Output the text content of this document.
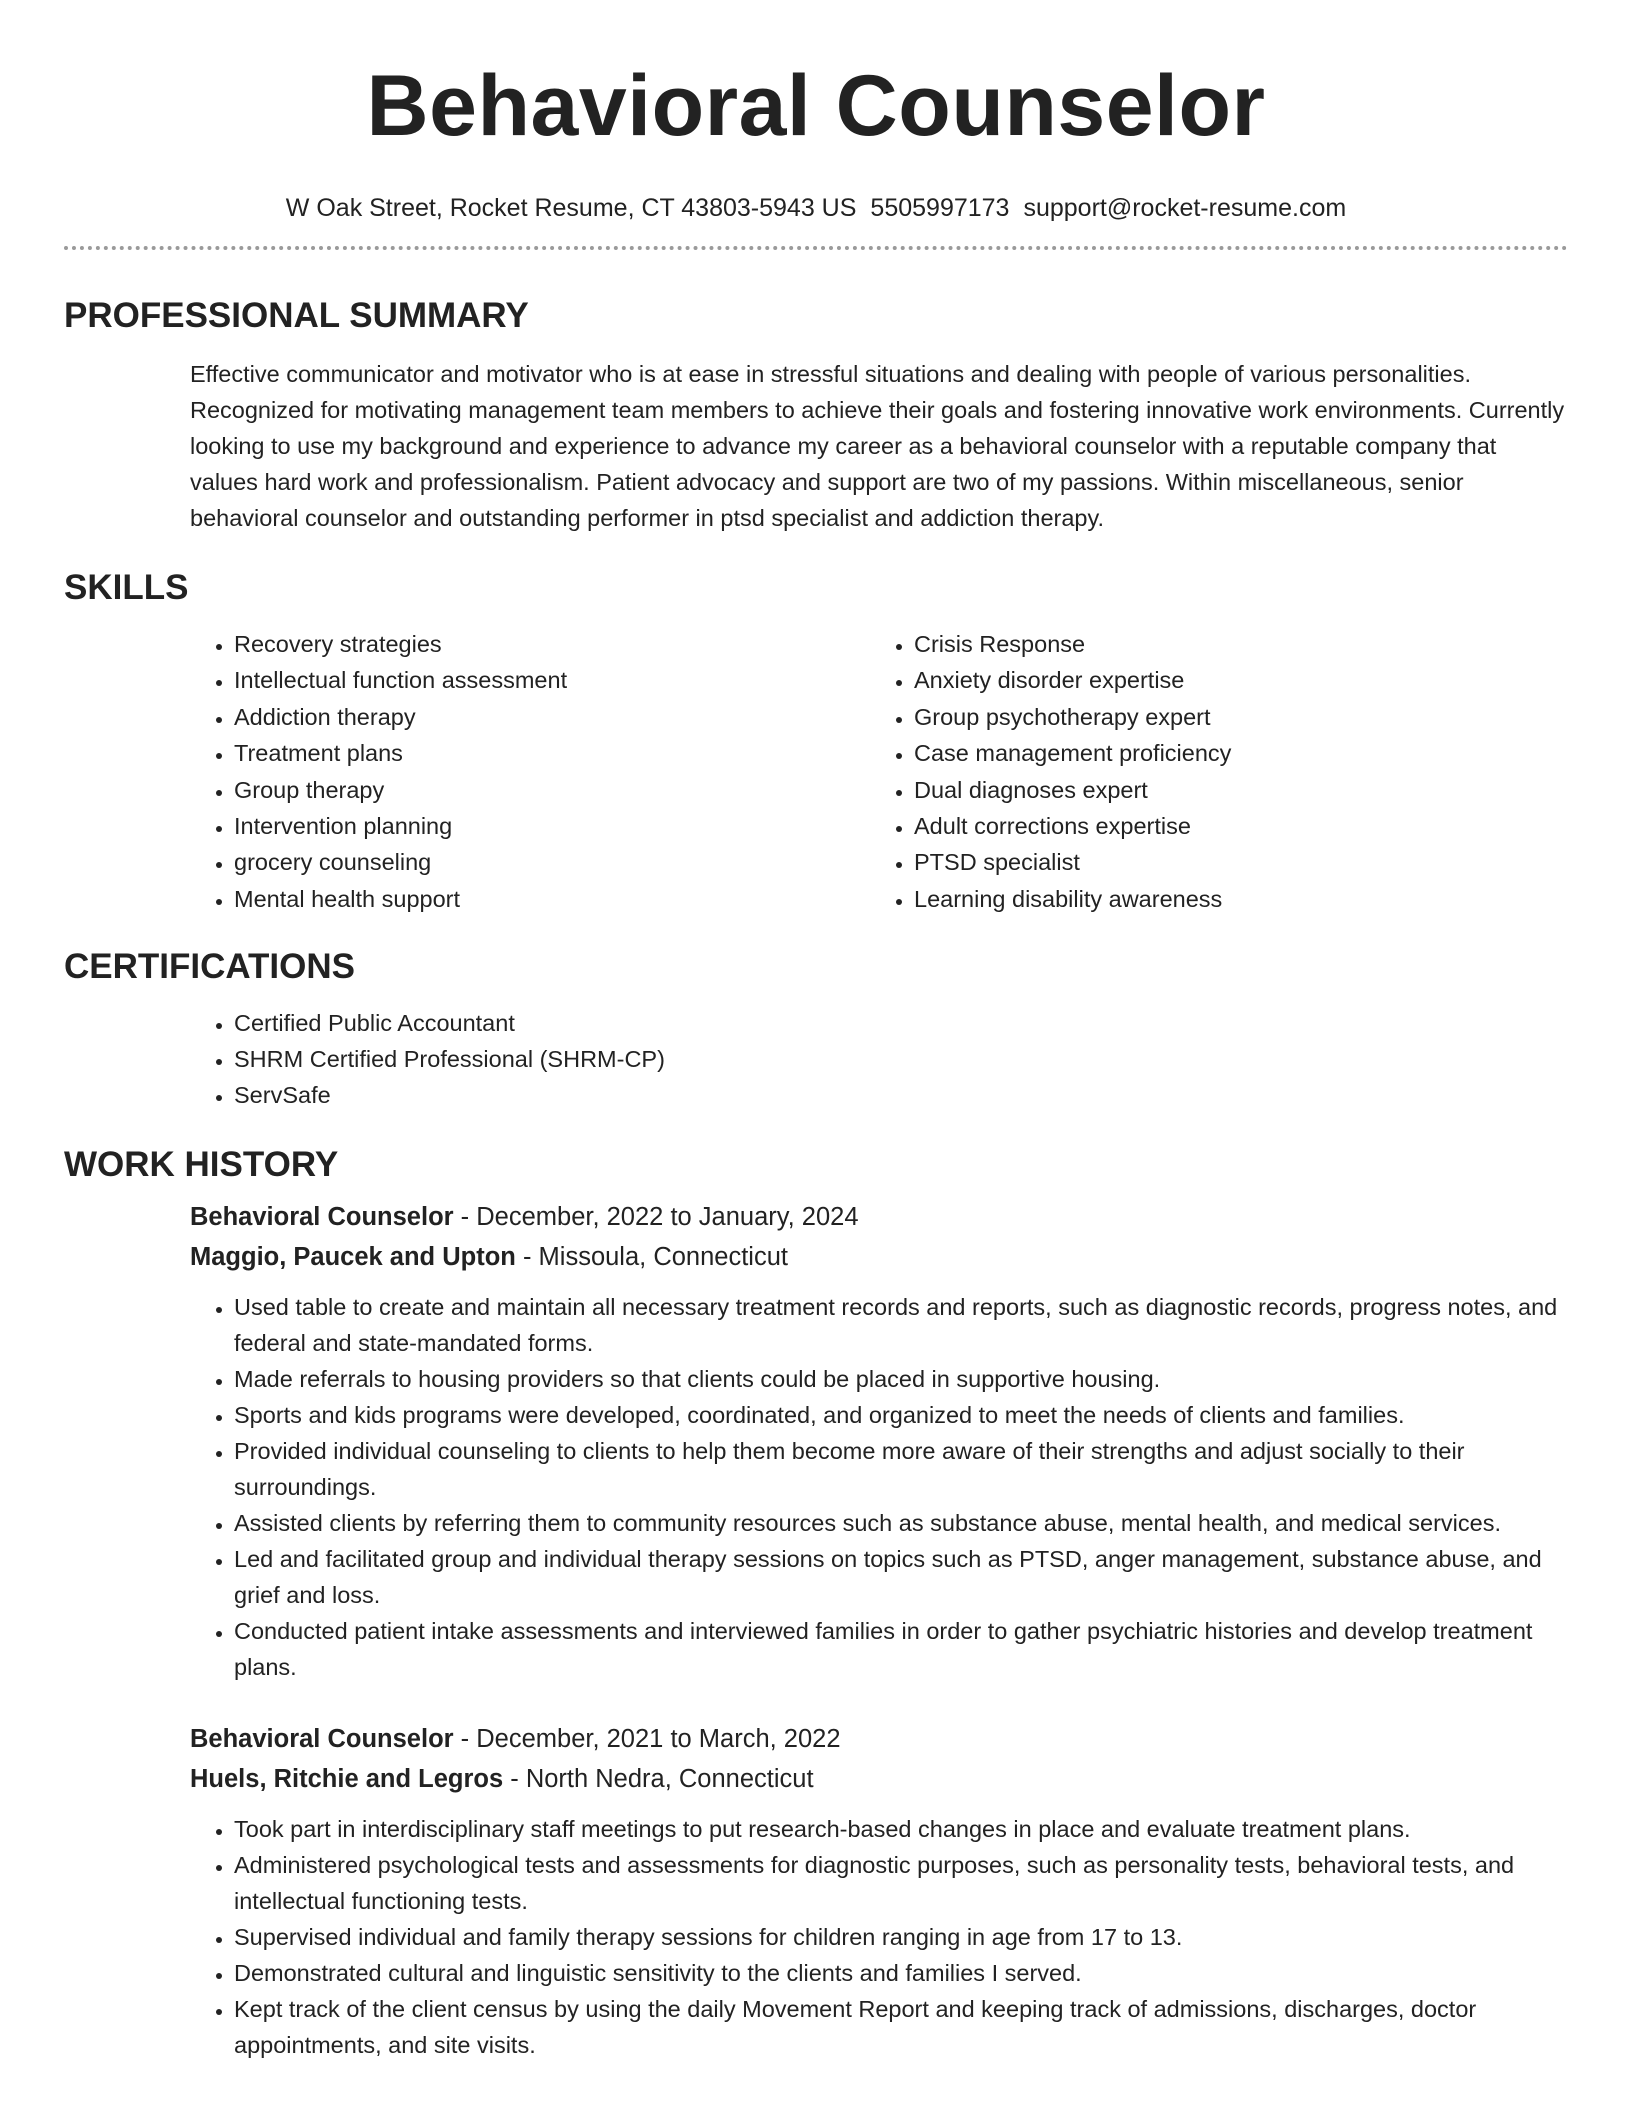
Behavioral Counselor
W Oak Street, Rocket Resume, CT 43803-5943 US 5505997173 support@rocket-resume.com
PROFESSIONAL SUMMARY

Effective communicator and motivator who is at ease in stressful situations and dealing with people of various personalities. Recognized for motivating management team members to achieve their goals and fostering innovative work environments. Currently looking to use my background and experience to advance my career as a behavioral counselor with a reputable company that values hard work and professionalism. Patient advocacy and support are two of my passions. Within miscellaneous, senior behavioral counselor and outstanding performer in ptsd specialist and addiction therapy.

SKILLS
• Recovery strategies
• Intellectual function assessment
• Addiction therapy
• Treatment plans
• Group therapy
• Intervention planning
• grocery counseling
• Mental health support
• Crisis Response
• Anxiety disorder expertise
• Group psychotherapy expert
• Case management proficiency
• Dual diagnoses expert
• Adult corrections expertise
• PTSD specialist
• Learning disability awareness
CERTIFICATIONS
• Certified Public Accountant
• SHRM Certified Professional (SHRM-CP)
• ServSafe
WORK HISTORY
Behavioral Counselor - December, 2022 to January, 2024
Maggio, Paucek and Upton - Missoula, Connecticut
• Used table to create and maintain all necessary treatment records and reports, such as diagnostic records, progress notes, and federal and state-mandated forms.
• Made referrals to housing providers so that clients could be placed in supportive housing.
• Sports and kids programs were developed, coordinated, and organized to meet the needs of clients and families.
• Provided individual counseling to clients to help them become more aware of their strengths and adjust socially to their surroundings.
• Assisted clients by referring them to community resources such as substance abuse, mental health, and medical services.
• Led and facilitated group and individual therapy sessions on topics such as PTSD, anger management, substance abuse, and grief and loss.
• Conducted patient intake assessments and interviewed families in order to gather psychiatric histories and develop treatment plans.
Behavioral Counselor - December, 2021 to March, 2022
Huels, Ritchie and Legros - North Nedra, Connecticut
• Took part in interdisciplinary staff meetings to put research-based changes in place and evaluate treatment plans.
• Administered psychological tests and assessments for diagnostic purposes, such as personality tests, behavioral tests, and intellectual functioning tests.
• Supervised individual and family therapy sessions for children ranging in age from 17 to 13.
• Demonstrated cultural and linguistic sensitivity to the clients and families I served.
• Kept track of the client census by using the daily Movement Report and keeping track of admissions, discharges, doctor appointments, and site visits.
